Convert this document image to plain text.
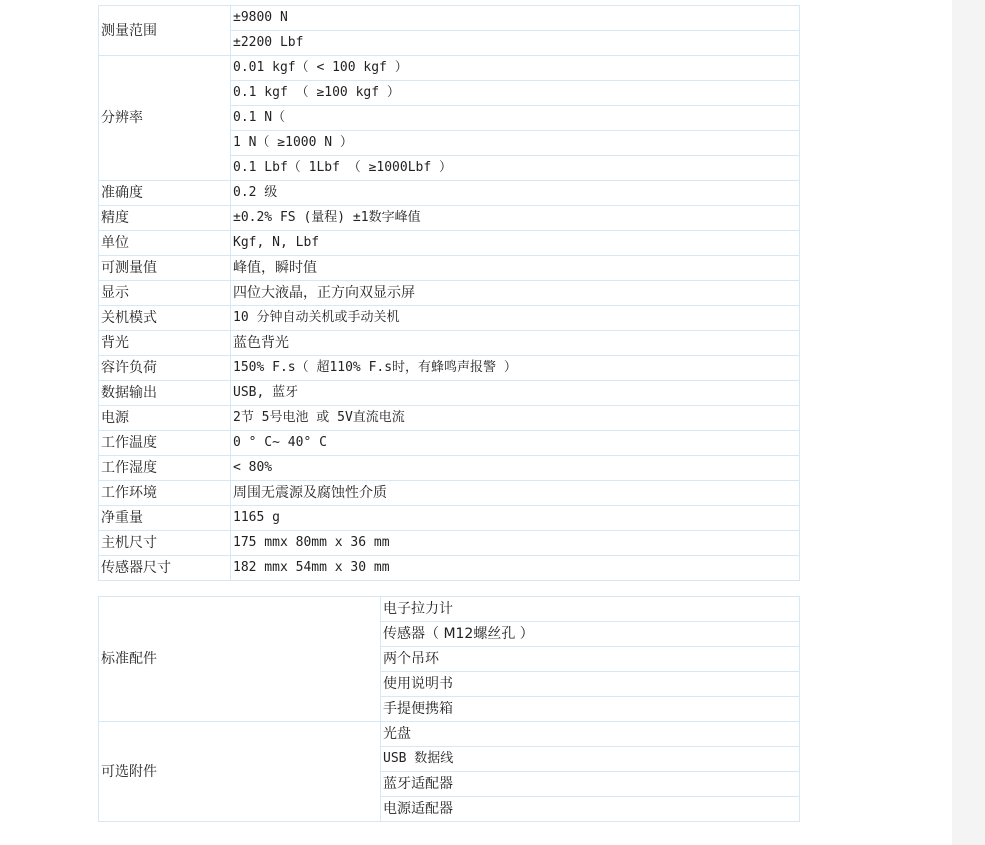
测量范围	±9800 N
	±2200 Lbf
分辨率	0.01 kgf（ < 100 kgf ）
	0.1 kgf （ ≥100 kgf ）
	0.1 N（
	1 N（ ≥1000 N ）
	0.1 Lbf（ 1Lbf （ ≥1000Lbf ）
准确度	0.2 级
精度	±0.2% FS (量程) ±1数字峰值
单位	Kgf, N, Lbf
可测量值	峰值，瞬时值
显示	四位大液晶，正方向双显示屏
关机模式	10 分钟自动关机或手动关机
背光	蓝色背光
容许负荷	150% F.s（ 超110% F.s时，有蜂鸣声报警 ）
数据输出	USB, 蓝牙
电源	2节 5号电池 或 5V直流电流
工作温度	0 ° C~ 40° C
工作湿度	< 80%
工作环境	周围无震源及腐蚀性介质
净重量	1165 g
主机尺寸	175 mmx 80mm x 36 mm
传感器尺寸	182 mmx 54mm x 30 mm
标准配件	电子拉力计
	传感器（ M12螺丝孔 ）
	两个吊环
	使用说明书
	手提便携箱
可选附件	光盘
	USB 数据线
	蓝牙适配器
	电源适配器
